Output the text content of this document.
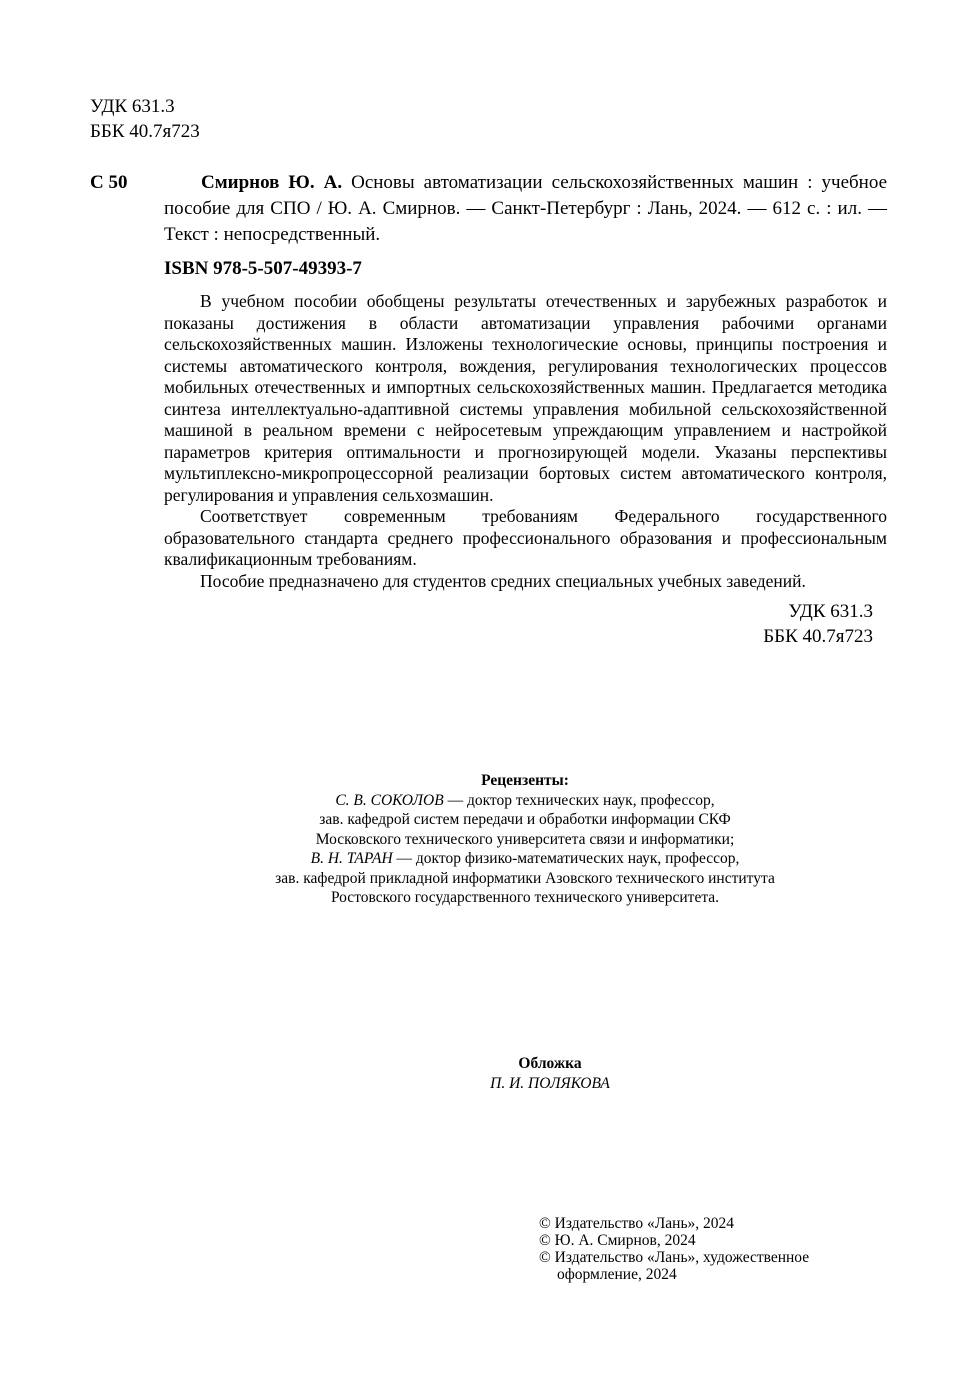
УДК 631.3
ББК 40.7я723
С 50	Смирнов Ю. А. Основы автоматизации сельскохозяйственных машин : учебное пособие для СПО / Ю. А. Смирнов. — Санкт-Петербург : Лань, 2024. — 612 с. : ил. — Текст : непосредственный.

ISBN 978-5-507-49393-7

В учебном пособии обобщены результаты отечественных и зарубежных разработок и показаны достижения в области автоматизации управления рабочими органами сельскохозяйственных машин. Изложены технологические основы, принципы построения и системы автоматического контроля, вождения, регулирования технологических процессов мобильных отечественных и импортных сельскохозяйственных машин. Предлагается методика синтеза интеллектуально-адаптивной системы управления мобильной сельскохозяйственной машиной в реальном времени с нейросетевым упреждающим управлением и настройкой параметров критерия оптимальности и прогнозирующей модели. Указаны перспективы мультиплексно-микропроцессорной реализации бортовых систем автоматического контроля, регулирования и управления сельхозмашин.

Соответствует современным требованиям Федерального государственного образовательного стандарта среднего профессионального образования и профессиональным квалификационным требованиям.

Пособие предназначено для студентов средних специальных учебных заведений.

УДК 631.3
ББК 40.7я723
Рецензенты:
С. В. СОКОЛОВ — доктор технических наук, профессор,
зав. кафедрой систем передачи и обработки информации СКФ
Московского технического университета связи и информатики;
В. Н. ТАРАН — доктор физико-математических наук, профессор,
зав. кафедрой прикладной информатики Азовского технического института
Ростовского государственного технического университета.
Обложка
П. И. ПОЛЯКОВА
© Издательство «Лань», 2024
© Ю. А. Смирнов, 2024
© Издательство «Лань», художественное
оформление, 2024
